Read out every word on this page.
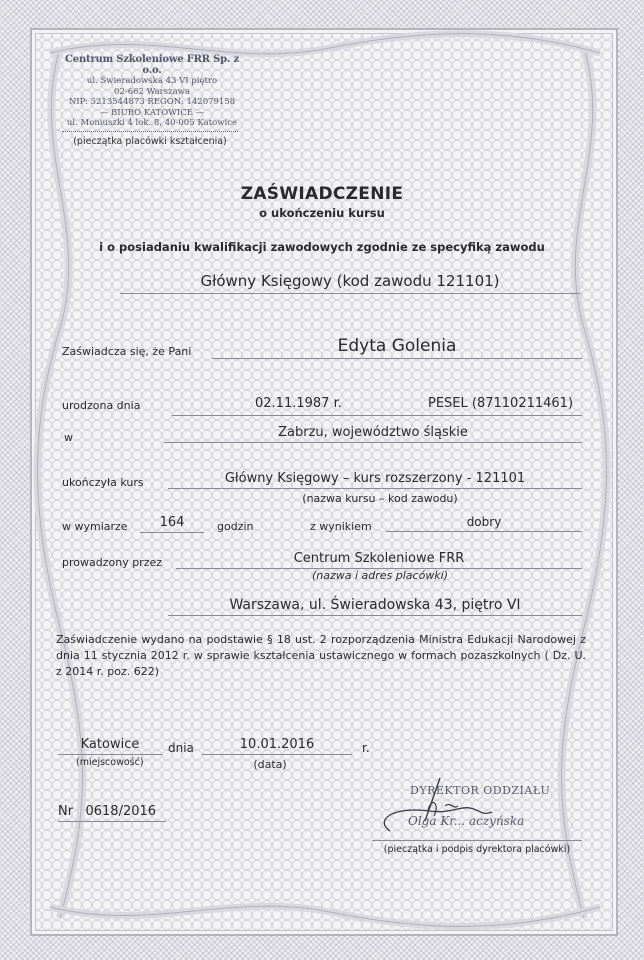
Centrum Szkoleniowe FRR Sp. z o.o.
ul. Świeradowska 43 VI piętro
02-662 Warszawa
NIP: 5213544873 REGON: 142079158
— BIURO KATOWICE —
ul. Moniuszki 4 lok. 8, 40-005 Katowice
(pieczątka placówki kształcenia)
ZAŚWIADCZENIE
o ukończeniu kursu
i o posiadaniu kwalifikacji zawodowych zgodnie ze specyfiką zawodu
Główny Księgowy (kod zawodu 121101)
Zaświadcza się, że Pani	Edyta Golenia
urodzona dnia	02.11.1987 r.	PESEL (87110211461)
w	Zabrzu, województwo śląskie
ukończyła kurs	Główny Księgowy – kurs rozszerzony - 121101
(nazwa kursu – kod zawodu)
w wymiarze	164	godzin	z wynikiem	dobry
prowadzony przez	Centrum Szkoleniowe FRR
(nazwa i adres placówki)
Warszawa, ul. Świeradowska 43, piętro VI
Zaświadczenie wydano na podstawie § 18 ust. 2 rozporządzenia Ministra Edukacji Narodowej z dnia 11 stycznia 2012 r. w sprawie kształcenia ustawicznego w formach pozaszkolnych ( Dz. U. z 2014 r. poz. 622)
Katowice
(miejscowość)
dnia	10.01.2016	r.
(data)
Nr 0618/2016
DYREKTOR ODDZIAŁU
Olga Kr... aczyńska
(pieczątka i podpis dyrektora placówki)
